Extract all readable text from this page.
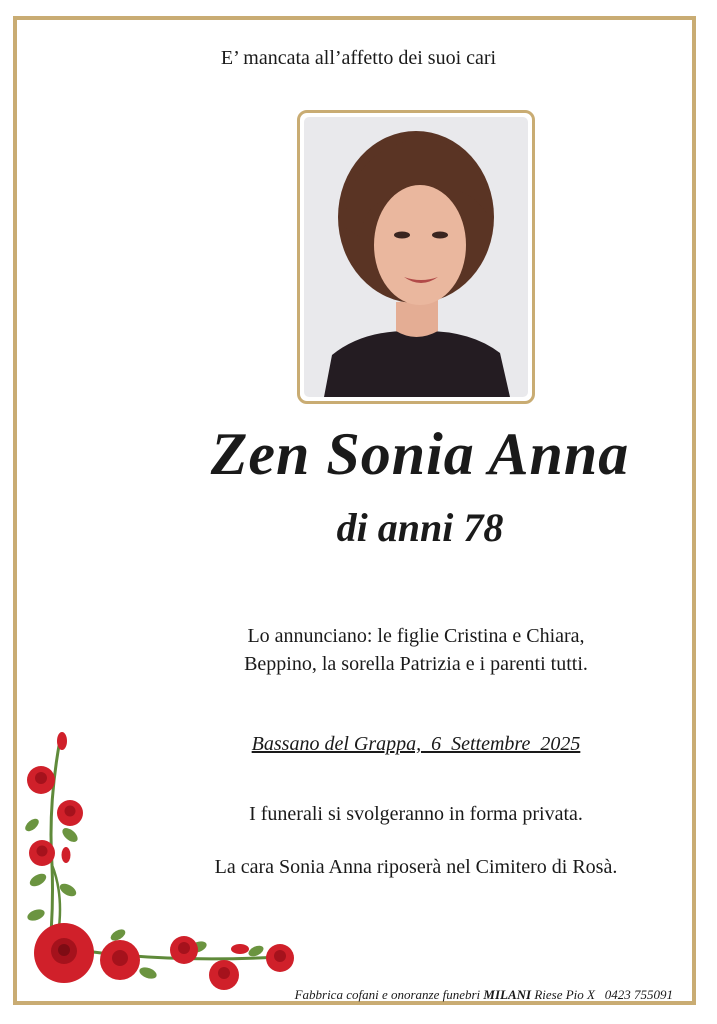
E’ mancata all’affetto dei suoi cari
Zen Sonia Anna
di anni 78
Lo annunciano: le figlie Cristina e Chiara,
Beppino, la sorella Patrizia e i parenti tutti.
Bassano del Grappa,  6  Settembre  2025
I funerali si svolgeranno in forma privata.
La cara Sonia Anna riposerà nel Cimitero di Rosà.
Fabbrica cofani e onoranze funebri MILANI Riese Pio X   0423 755091
